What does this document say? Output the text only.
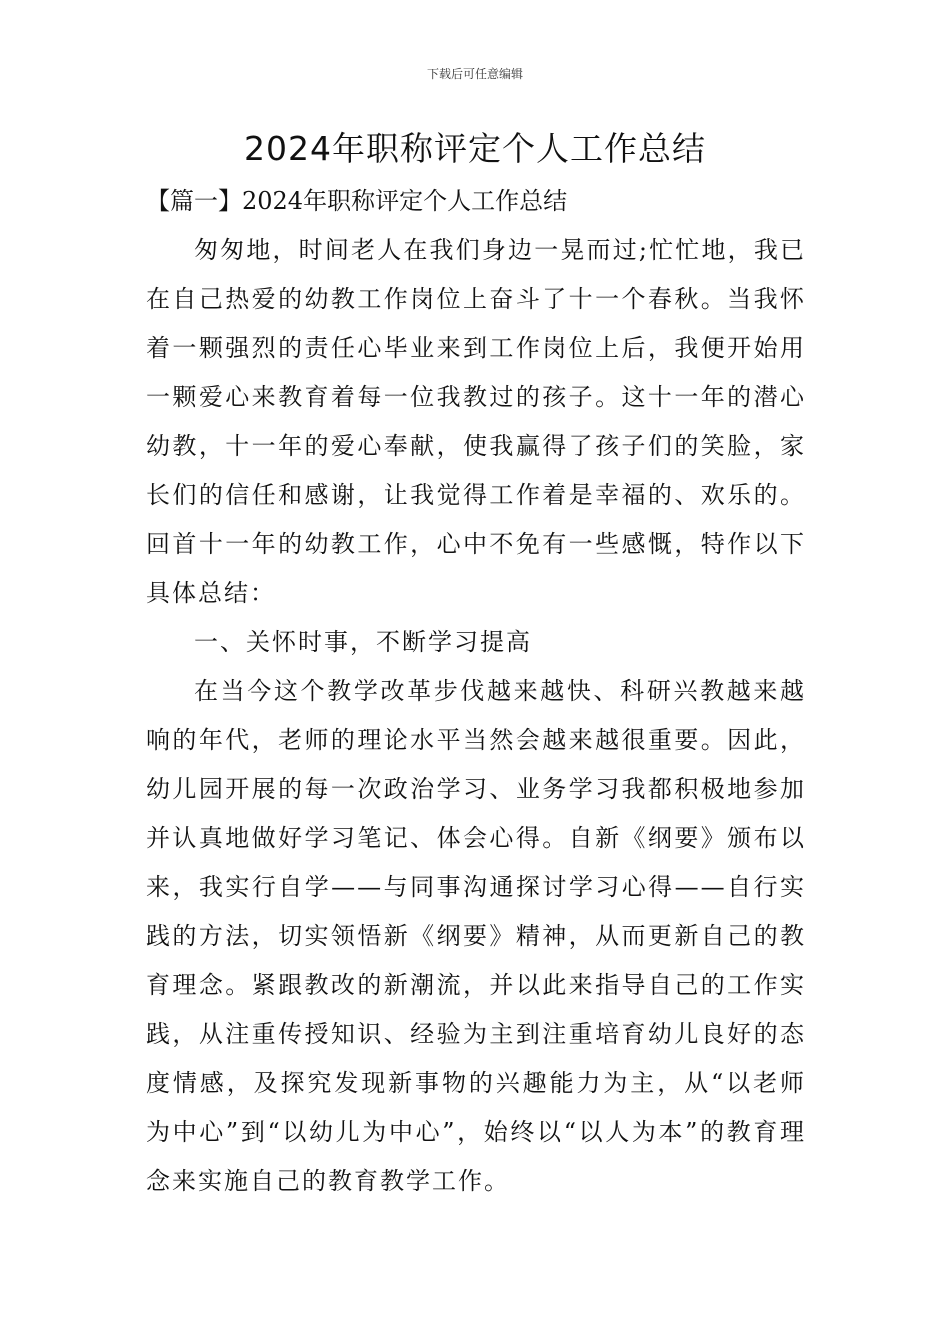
下载后可任意编辑
2024年职称评定个人工作总结

【篇一】2024年职称评定个人工作总结

匆匆地，时间老人在我们身边一晃而过;忙忙地，我已在自己热爱的幼教工作岗位上奋斗了十一个春秋。当我怀着一颗强烈的责任心毕业来到工作岗位上后，我便开始用一颗爱心来教育着每一位我教过的孩子。这十一年的潜心幼教，十一年的爱心奉献，使我赢得了孩子们的笑脸，家长们的信任和感谢，让我觉得工作着是幸福的、欢乐的。回首十一年的幼教工作，心中不免有一些感慨，特作以下具体总结：

一、关怀时事，不断学习提高

在当今这个教学改革步伐越来越快、科研兴教越来越响的年代，老师的理论水平当然会越来越很重要。因此，幼儿园开展的每一次政治学习、业务学习我都积极地参加并认真地做好学习笔记、体会心得。自新《纲要》颁布以来，我实行自学——与同事沟通探讨学习心得——自行实践的方法，切实领悟新《纲要》精神，从而更新自己的教育理念。紧跟教改的新潮流，并以此来指导自己的工作实践，从注重传授知识、经验为主到注重培育幼儿良好的态度情感，及探究发现新事物的兴趣能力为主，从“以老师为中心”到“以幼儿为中心”，始终以“以人为本”的教育理念来实施自己的教育教学工作。
